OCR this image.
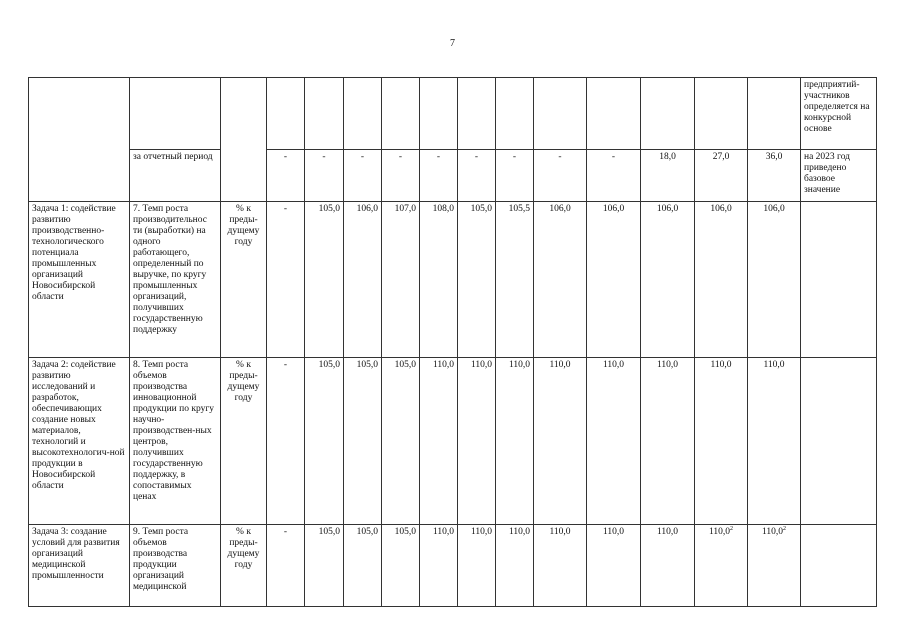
7
															предприятий-участников определяется на конкурсной основе
	за отчетный период		-	-	-	-	-	-	-	-	-	18,0	27,0	36,0	на 2023 год приведено базовое значение
Задача 1: содействие развитию производственно-технологического потенциала промышленных организаций Новосибирской области	7. Темп роста производительнос ти (выработки) на одного работающего, определенный по выручке, по кругу промышленных организаций, получивших государственную поддержку	% к преды-дущему году	-	105,0	106,0	107,0	108,0	105,0	105,5	106,0	106,0	106,0	106,0	106,0	
Задача 2: содействие развитию исследований и разработок, обеспечивающих создание новых материалов, технологий и высокотехнологич-ной продукции в Новосибирской области	8. Темп роста объемов производства инновационной продукции по кругу научно-производствен-ных центров, получивших государственную поддержку, в сопоставимых ценах	% к преды-дущему году	-	105,0	105,0	105,0	110,0	110,0	110,0	110,0	110,0	110,0	110,0	110,0	
Задача 3: создание условий для развития организаций медицинской промышленности	9. Темп роста объемов производства продукции организаций медицинской	% к преды-дущему году	-	105,0	105,0	105,0	110,0	110,0	110,0	110,0	110,0	110,0	110,0$^2$	110,0$^2$	
